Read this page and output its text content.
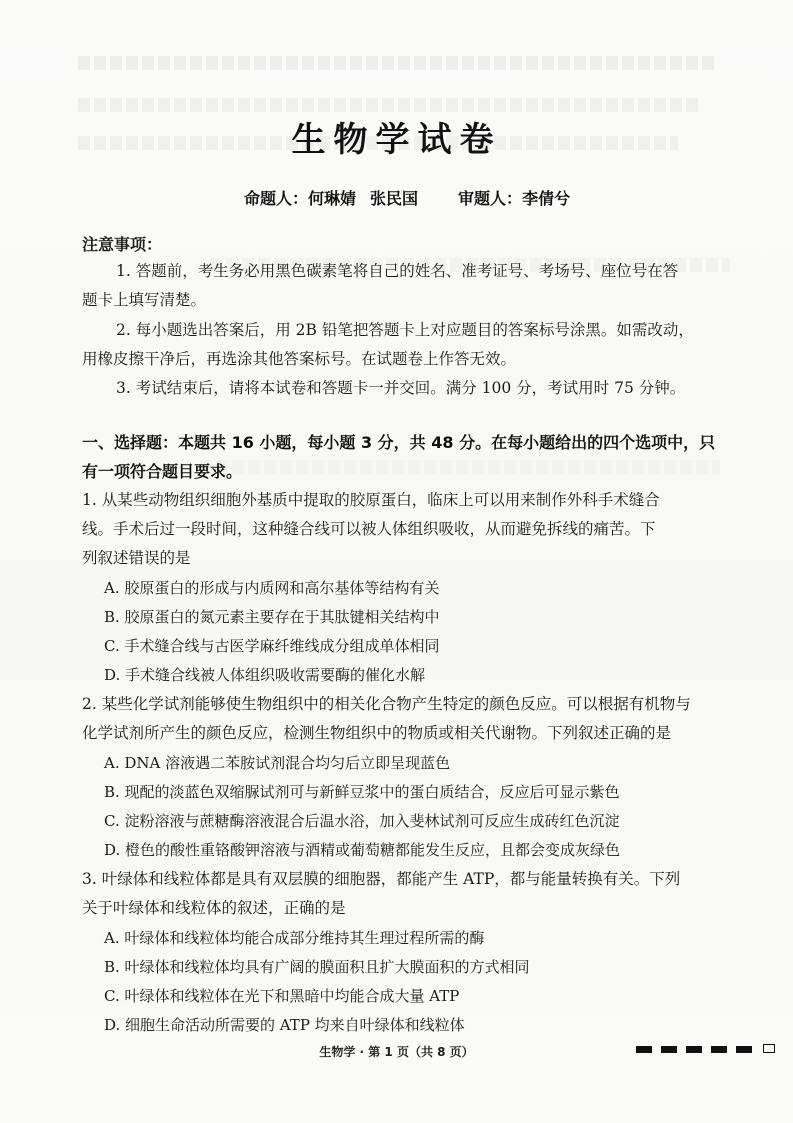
生物学试卷
命题人：何琳婧 张民国	审题人：李倩兮
注意事项：
1. 答题前，考生务必用黑色碳素笔将自己的姓名、准考证号、考场号、座位号在答
题卡上填写清楚。
2. 每小题选出答案后，用 2B 铅笔把答题卡上对应题目的答案标号涂黑。如需改动，
用橡皮擦干净后，再选涂其他答案标号。在试题卷上作答无效。
3. 考试结束后，请将本试卷和答题卡一并交回。满分 100 分，考试用时 75 分钟。
一、选择题：本题共 16 小题，每小题 3 分，共 48 分。在每小题给出的四个选项中，只
有一项符合题目要求。
1. 从某些动物组织细胞外基质中提取的胶原蛋白，临床上可以用来制作外科手术缝合
线。手术后过一段时间，这种缝合线可以被人体组织吸收，从而避免拆线的痛苦。下
列叙述错误的是
A. 胶原蛋白的形成与内质网和高尔基体等结构有关
B. 胶原蛋白的氮元素主要存在于其肽键相关结构中
C. 手术缝合线与古医学麻纤维线成分组成单体相同
D. 手术缝合线被人体组织吸收需要酶的催化水解
2. 某些化学试剂能够使生物组织中的相关化合物产生特定的颜色反应。可以根据有机物与
化学试剂所产生的颜色反应，检测生物组织中的物质或相关代谢物。下列叙述正确的是
A. DNA 溶液遇二苯胺试剂混合均匀后立即呈现蓝色
B. 现配的淡蓝色双缩脲试剂可与新鲜豆浆中的蛋白质结合，反应后可显示紫色
C. 淀粉溶液与蔗糖酶溶液混合后温水浴，加入斐林试剂可反应生成砖红色沉淀
D. 橙色的酸性重铬酸钾溶液与酒精或葡萄糖都能发生反应，且都会变成灰绿色
3. 叶绿体和线粒体都是具有双层膜的细胞器，都能产生 ATP，都与能量转换有关。下列
关于叶绿体和线粒体的叙述，正确的是
A. 叶绿体和线粒体均能合成部分维持其生理过程所需的酶
B. 叶绿体和线粒体均具有广阔的膜面积且扩大膜面积的方式相同
C. 叶绿体和线粒体在光下和黑暗中均能合成大量 ATP
D. 细胞生命活动所需要的 ATP 均来自叶绿体和线粒体
生物学 · 第 1 页（共 8 页）
